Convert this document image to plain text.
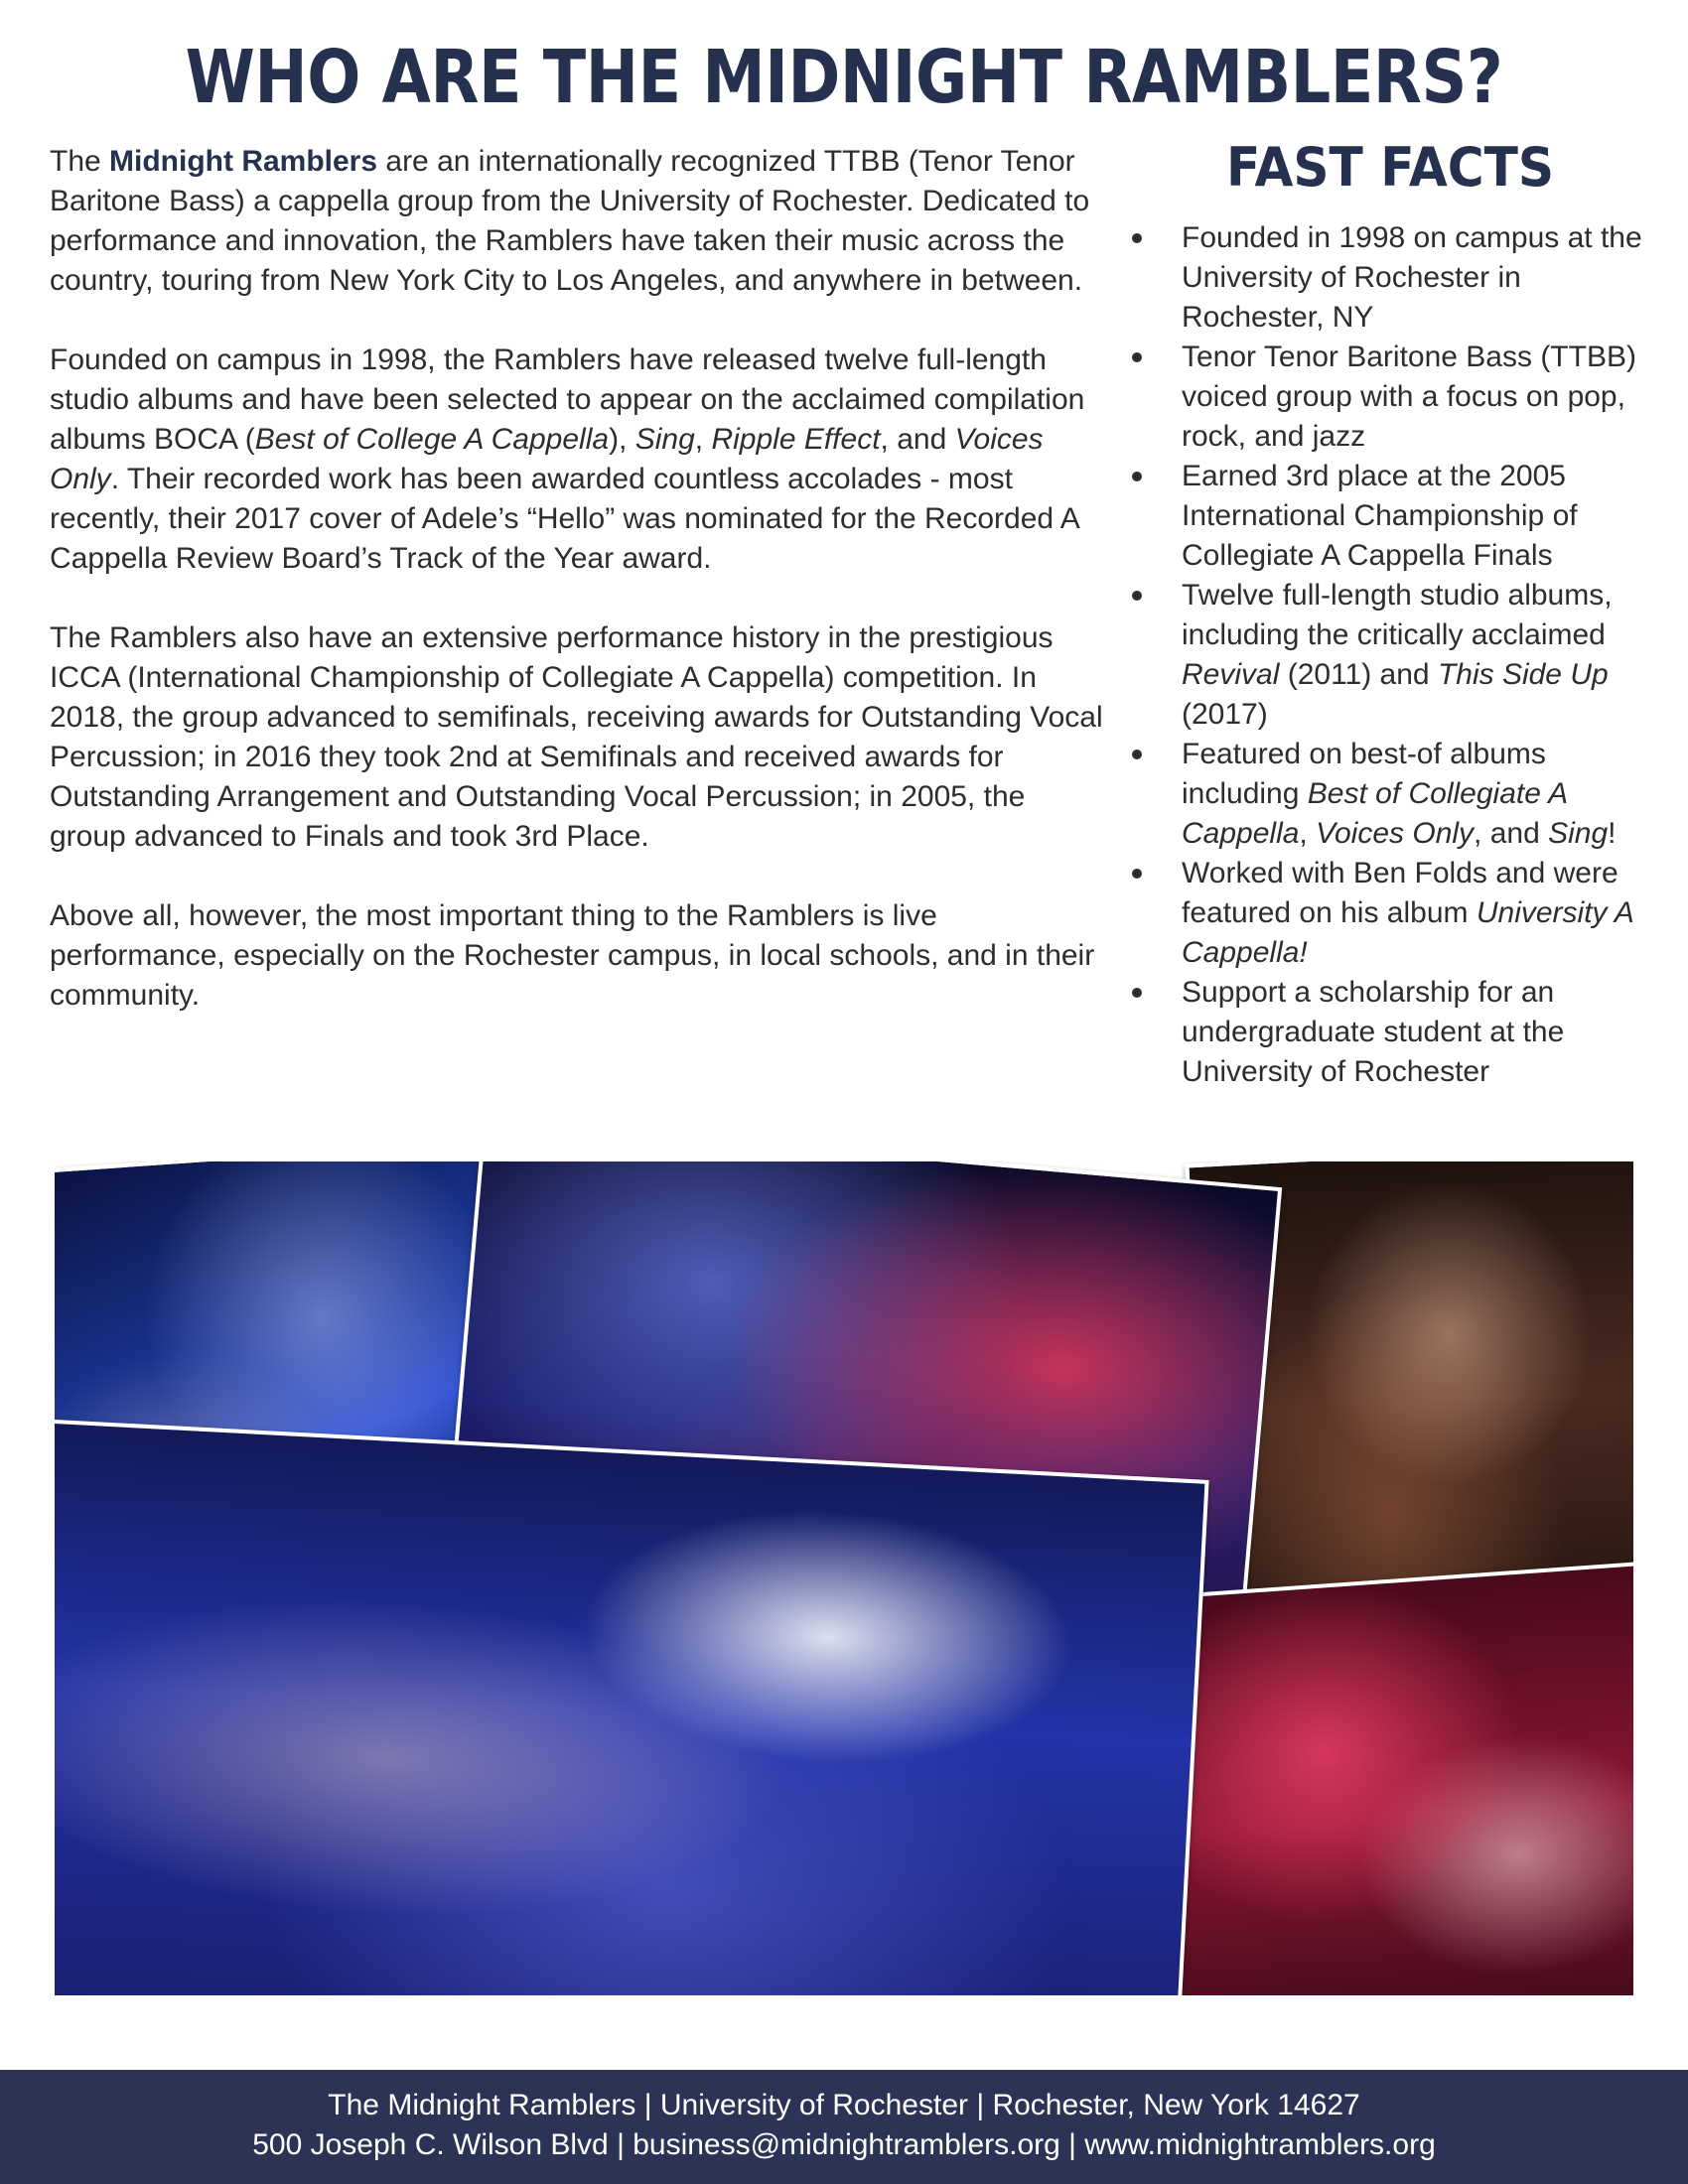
WHO ARE THE MIDNIGHT RAMBLERS?

The Midnight Ramblers are an internationally recognized TTBB (Tenor Tenor Baritone Bass) a cappella group from the University of Rochester. Dedicated to performance and innovation, the Ramblers have taken their music across the country, touring from New York City to Los Angeles, and anywhere in between.

Founded on campus in 1998, the Ramblers have released twelve full-length studio albums and have been selected to appear on the acclaimed compilation albums BOCA (Best of College A Cappella), Sing, Ripple Effect, and Voices Only. Their recorded work has been awarded countless accolades - most recently, their 2017 cover of Adele’s “Hello” was nominated for the Recorded A Cappella Review Board’s Track of the Year award.

The Ramblers also have an extensive performance history in the prestigious ICCA (International Championship of Collegiate A Cappella) competition. In 2018, the group advanced to semifinals, receiving awards for Outstanding Vocal Percussion; in 2016 they took 2nd at Semifinals and received awards for Outstanding Arrangement and Outstanding Vocal Percussion; in 2005, the group advanced to Finals and took 3rd Place.

Above all, however, the most important thing to the Ramblers is live performance, especially on the Rochester campus, in local schools, and in their community.

FAST FACTS
Founded in 1998 on campus at the University of Rochester in Rochester, NY
Tenor Tenor Baritone Bass (TTBB) voiced group with a focus on pop, rock, and jazz
Earned 3rd place at the 2005 International Championship of Collegiate A Cappella Finals
Twelve full-length studio albums, including the critically acclaimed Revival (2011) and This Side Up (2017)
Featured on best-of albums including Best of Collegiate A Cappella, Voices Only, and Sing!
Worked with Ben Folds and were featured on his album University A Cappella!
Support a scholarship for an undergraduate student at the University of Rochester
The Midnight Ramblers | University of Rochester | Rochester, New York 14627
500 Joseph C. Wilson Blvd | business@midnightramblers.org | www.midnightramblers.org
